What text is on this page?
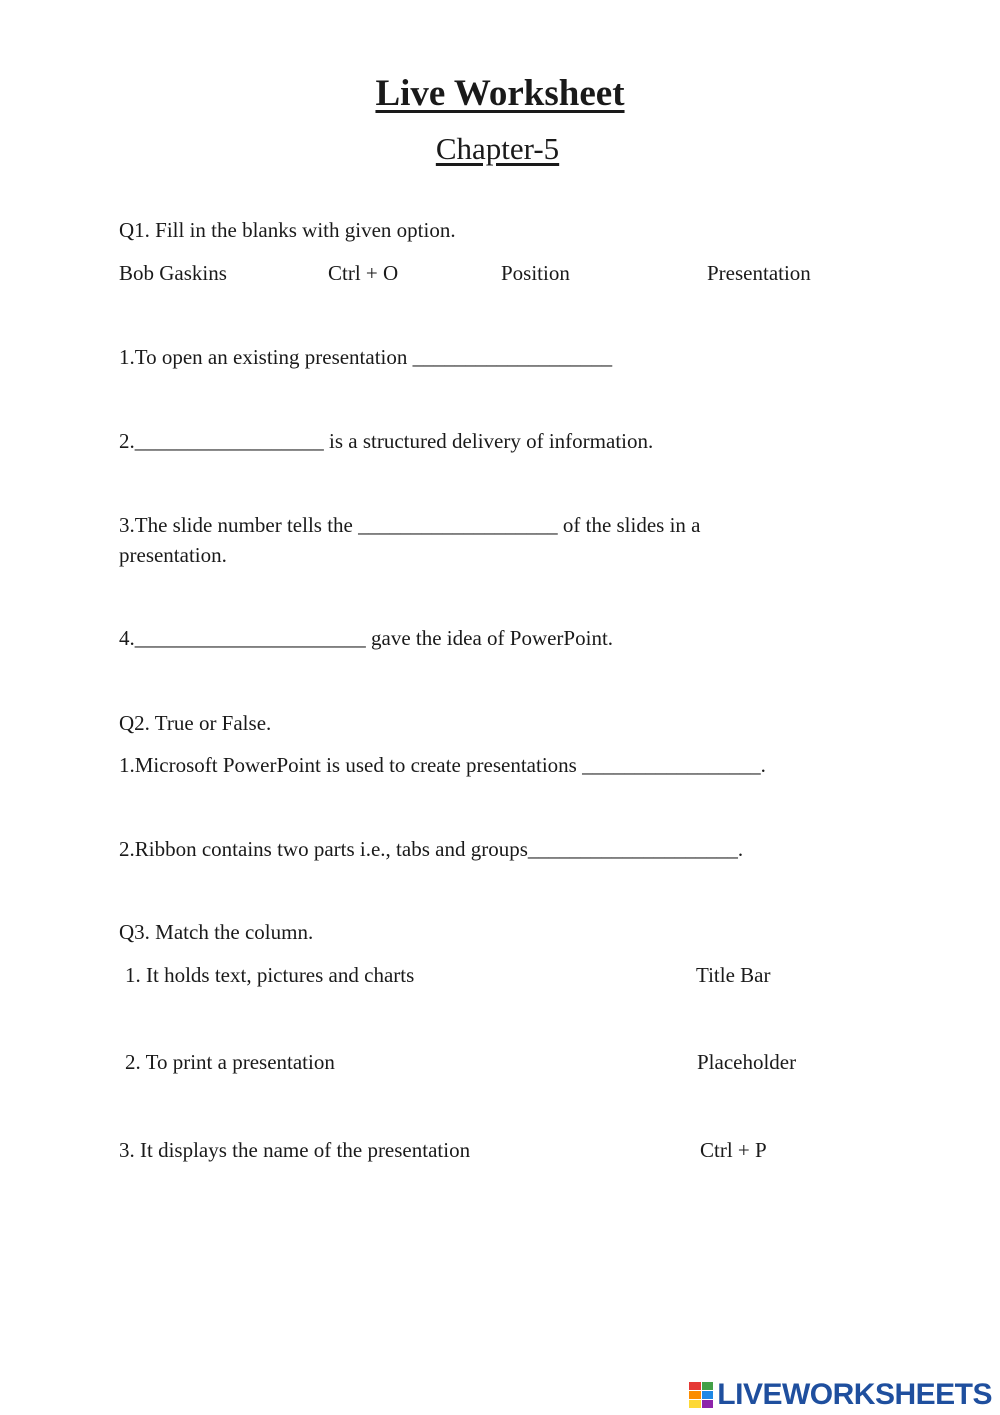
Live Worksheet
Chapter-5
Q1. Fill in the blanks with given option.
Bob Gaskins	Ctrl + O	Position	Presentation
1.To open an existing presentation ___________________
2.__________________ is a structured delivery of information.
3.The slide number tells the ___________________ of the slides in a
presentation.
4.______________________ gave the idea of PowerPoint.
Q2. True or False.
1.Microsoft PowerPoint is used to create presentations _________________.
2.Ribbon contains two parts i.e., tabs and groups____________________.
Q3. Match the column.
1. It holds text, pictures and charts	Title Bar
2. To print a presentation	Placeholder
3. It displays the name of the presentation	Ctrl + P
LIVEWORKSHEETS
